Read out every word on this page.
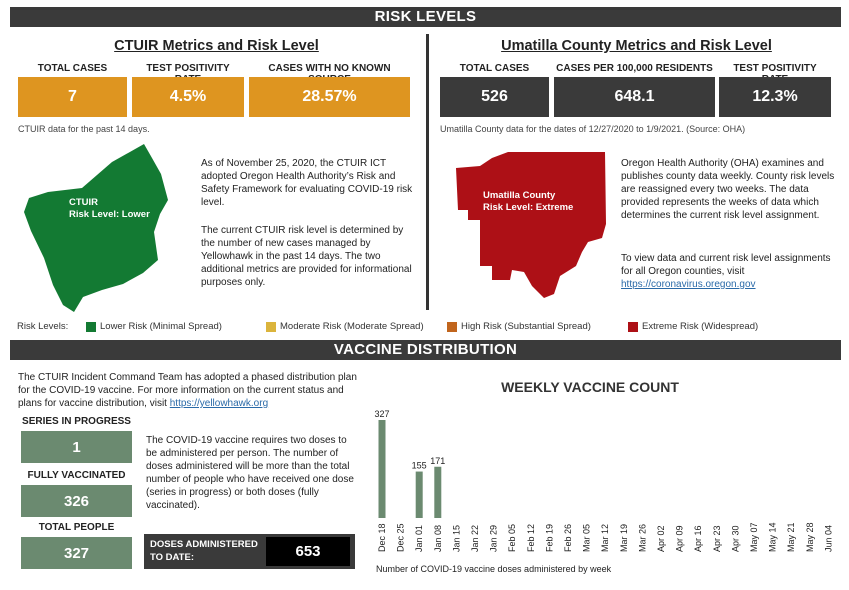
RISK LEVELS
CTUIR Metrics and Risk Level
TOTAL CASES	TEST POSITIVITY	CASES WITH NO KNOWN
7	4.5%	28.57%
CTUIR data for the past 14 days.
CTUIR
Risk Level: Lower
As of November 25, 2020, the CTUIR ICT adopted Oregon Health Authority’s Risk and Safety Framework for evaluating COVID-19 risk level.
The current CTUIR risk level is determined by the number of new cases managed by Yellowhawk in the past 14 days. The two additional metrics are provided for informational purposes only.
Umatilla County Metrics and Risk Level
TOTAL CASES	CASES PER 100,000 RESIDENTS	TEST POSITIVITY
526	648.1	12.3%
Umatilla County data for the dates of 12/27/2020 to 1/9/2021. (Source: OHA)
Umatilla County
Risk Level: Extreme
Oregon Health Authority (OHA) examines and publishes county data weekly. County risk levels are reassigned every two weeks. The data provided represents the weeks of data which determines the current risk level assignment.
To view data and current risk level assignments for all Oregon counties, visit
https://coronavirus.oregon.gov
Risk Levels:	Lower Risk (Minimal Spread)	Moderate Risk (Moderate Spread)	High Risk (Substantial Spread)	Extreme Risk (Widespread)
VACCINE DISTRIBUTION
The CTUIR Incident Command Team has adopted a phased distribution plan for the COVID-19 vaccine. For more information on the current status and plans for vaccine distribution, visit https://yellowhawk.org
SERIES IN PROGRESS
1
FULLY VACCINATED
326
TOTAL PEOPLE
327
The COVID-19 vaccine requires two doses to be administered per person. The number of doses administered will be more than the total number of people who have received one dose (series in progress) or both doses (fully vaccinated).
DOSES ADMINISTERED
TO DATE:	653
WEEKLY VACCINE COUNT
327
Dec 18 Dec 25
155
Jan 01
171
Jan 08 Jan 15 Jan 22 Jan 29 Feb 05 Feb 12 Feb 19 Feb 26 Mar 05 Mar 12 Mar 19 Mar 26 Apr 02 Apr 09 Apr 16 Apr 23 Apr 30 May 07 May 14 May 21 May 28 Jun 04
Number of COVID-19 vaccine doses administered by week
